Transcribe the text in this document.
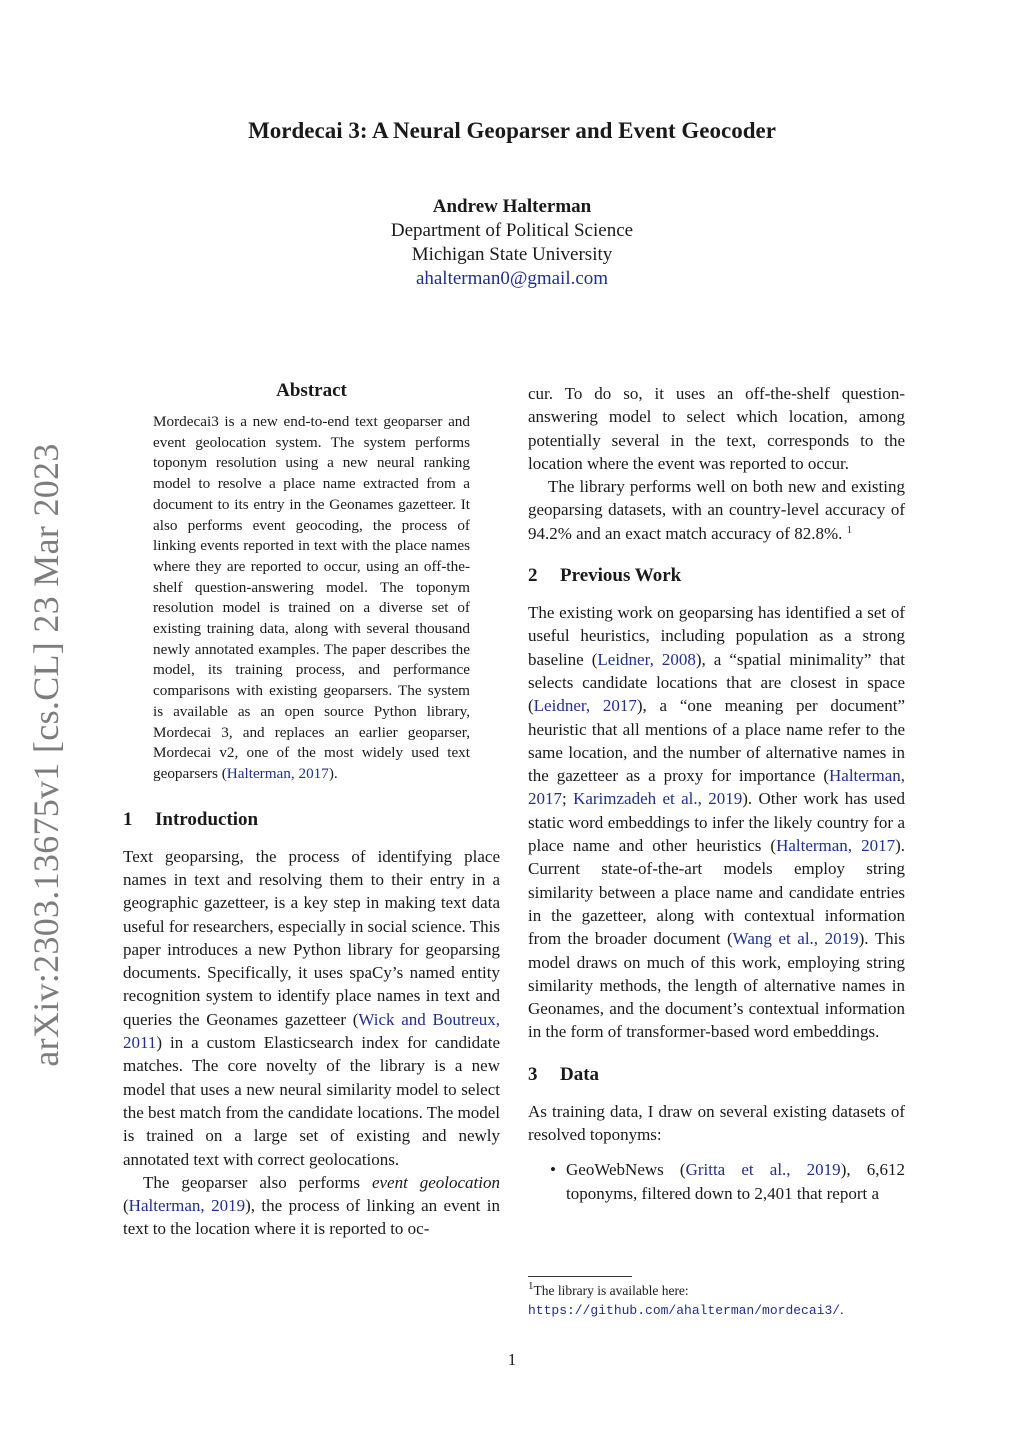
Mordecai 3: A Neural Geoparser and Event Geocoder
Andrew Halterman
Department of Political Science
Michigan State University
ahalterman0@gmail.com
arXiv:2303.13675v1 [cs.CL] 23 Mar 2023
Abstract
Mordecai3 is a new end-to-end text geoparser and event geolocation system. The system performs toponym resolution using a new neural ranking model to resolve a place name extracted from a document to its entry in the Geonames gazetteer. It also performs event geocoding, the process of linking events reported in text with the place names where they are reported to occur, using an off-the-shelf question-answering model. The toponym resolution model is trained on a diverse set of existing training data, along with several thousand newly annotated examples. The paper describes the model, its training process, and performance comparisons with existing geoparsers. The system is available as an open source Python library, Mordecai 3, and replaces an earlier geoparser, Mordecai v2, one of the most widely used text geoparsers (Halterman, 2017).
1 Introduction

Text geoparsing, the process of identifying place names in text and resolving them to their entry in a geographic gazetteer, is a key step in making text data useful for researchers, especially in social science. This paper introduces a new Python library for geoparsing documents. Specifically, it uses spaCy’s named entity recognition system to identify place names in text and queries the Geonames gazetteer (Wick and Boutreux, 2011) in a custom Elasticsearch index for candidate matches. The core novelty of the library is a new model that uses a new neural similarity model to select the best match from the candidate locations. The model is trained on a large set of existing and newly annotated text with correct geolocations.

The geoparser also performs event geolocation (Halterman, 2019), the process of linking an event in text to the location where it is reported to oc-

cur. To do so, it uses an off-the-shelf question-answering model to select which location, among potentially several in the text, corresponds to the location where the event was reported to occur.

The library performs well on both new and existing geoparsing datasets, with an country-level accuracy of 94.2% and an exact match accuracy of 82.8%. $^1$

2 Previous Work

The existing work on geoparsing has identified a set of useful heuristics, including population as a strong baseline (Leidner, 2008), a “spatial minimality” that selects candidate locations that are closest in space (Leidner, 2017), a “one meaning per document” heuristic that all mentions of a place name refer to the same location, and the number of alternative names in the gazetteer as a proxy for importance (Halterman, 2017; Karimzadeh et al., 2019). Other work has used static word embeddings to infer the likely country for a place name and other heuristics (Halterman, 2017). Current state-of-the-art models employ string similarity between a place name and candidate entries in the gazetteer, along with contextual information from the broader document (Wang et al., 2019). This model draws on much of this work, employing string similarity methods, the length of alternative names in Geonames, and the document’s contextual information in the form of transformer-based word embeddings.

3 Data

As training data, I draw on several existing datasets of resolved toponyms:

• GeoWebNews (Gritta et al., 2019), 6,612 toponyms, filtered down to 2,401 that report a
$^1$The library is available here: https://github.com/ahalterman/mordecai3/.
1
